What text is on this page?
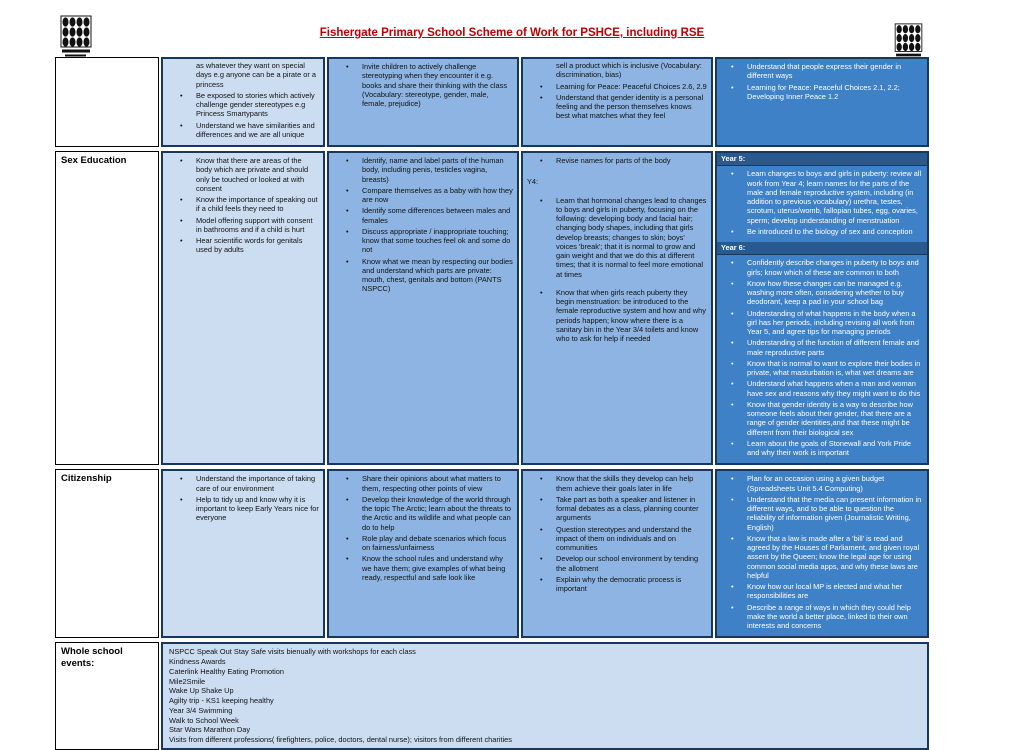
Fishergate Primary School Scheme of Work for PSHCE, including RSE
as whatever they want on special days e.g anyone can be a pirate or a princess
• Be exposed to stories which actively challenge gender stereotypes e.g Princess Smartypants
• Understand we have similarities and differences and we are all unique
• Invite children to actively challenge stereotyping when they encounter it e.g. books and share their thinking with the class (Vocabulary: stereotype, gender, male, female, prejudice)
sell a product which is inclusive (Vocabulary: discrimination, bias)
• Learning for Peace: Peaceful Choices 2.6, 2.9
• Understand that gender identity is a personal feeling and the person themselves knows best what matches what they feel
• Understand that people express their gender in different ways
• Learning for Peace: Peaceful Choices 2.1, 2.2; Developing Inner Peace 1.2
Sex Education	• Know that there are areas of the body which are private and should only be touched or looked at with consent
• Know the importance of speaking out if a child feels they need to
• Model offering support with consent in bathrooms and if a child is hurt
• Hear scientific words for genitals used by adults
• Identify, name and label parts of the human body, including penis, testicles vagina, breasts)
• Compare themselves as a baby with how they are now
• Identify some differences between males and females
• Discuss appropriate / inappropriate touching; know that some touches feel ok and some do not
• Know what we mean by respecting our bodies and understand which parts are private: mouth, chest, genitals and bottom (PANTS NSPCC)
• Revise names for parts of the body
Y4:
• Learn that hormonal changes lead to changes to boys and girls in puberty, focusing on the following: developing body and facial hair; changing body shapes, including that girls develop breasts; changes to skin; boys' voices 'break'; that it is normal to grow and gain weight and that we do this at different times; that it is normal to feel more emotional at times
• Know that when girls reach puberty they begin menstruation: be introduced to the female reproductive system and how and why periods happen; know where there is a sanitary bin in the Year 3/4 toilets and know who to ask for help if needed
Year 5:
• Learn changes to boys and girls in puberty: review all work from Year 4; learn names for the parts of the male and female reproductive system, including (in addition to previous vocabulary) urethra, testes, scrotum, uterus/womb, fallopian tubes, egg, ovaries, sperm; develop understanding of menstruation
• Be introduced to the biology of sex and conception
Year 6:
• Confidently describe changes in puberty to boys and girls; know which of these are common to both
• Know how these changes can be managed e.g. washing more often, considering whether to buy deodorant, keep a pad in your school bag
• Understanding of what happens in the body when a girl has her periods, including revising all work from Year 5, and agree tips for managing periods
• Understanding of the function of different female and male reproductive parts
• Know that is normal to want to explore their bodies in private, what masturbation is, what wet dreams are
• Understand what happens when a man and woman have sex and reasons why they might want to do this
• Know that gender identity is a way to describe how someone feels about their gender, that there are a range of gender identities,and that these might be different from their biological sex
• Learn about the goals of Stonewall and York Pride and why their work is important
Citizenship	• Understand the importance of taking care of our environment
• Help to tidy up and know why it is important to keep Early Years nice for everyone
• Share their opinions about what matters to them, respecting other points of view
• Develop their knowledge of the world through the topic The Arctic; learn about the threats to the Arctic and its wildlife and what people can do to help
• Role play and debate scenarios which focus on fairness/unfairness
• Know the school rules and understand why we have them; give examples of what being ready, respectful and safe look like
• Know that the skills they develop can help them achieve their goals later in life
• Take part as both a speaker and listener in formal debates as a class, planning counter arguments
• Question stereotypes and understand the impact of them on individuals and on communities
• Develop our school environment by tending the allotment
• Explain why the democratic process is important
• Plan for an occasion using a given budget (Spreadsheets Unit 5.4 Computing)
• Understand that the media can present information in different ways, and to be able to question the reliability of information given (Journalistic Writing, English)
• Know that a law is made after a 'bill' is read and agreed by the Houses of Parliament, and given royal assent by the Queen; know the legal age for using common social media apps, and why these laws are helpful
• Know how our local MP is elected and what her responsibilities are
• Describe a range of ways in which they could help make the world a better place, linked to their own interests and concerns
Whole school events:
NSPCC Speak Out Stay Safe visits bienually with workshops for each class
Kindness Awards
Caterlink Healthy Eating Promotion
Mile2Smile
Wake Up Shake Up
Agilty trip - KS1 keeping healthy
Year 3/4 Swimming
Walk to School Week
Star Wars Marathon Day
Visits from different professions( firefighters, police, doctors, dental nurse); visitors from different charities
